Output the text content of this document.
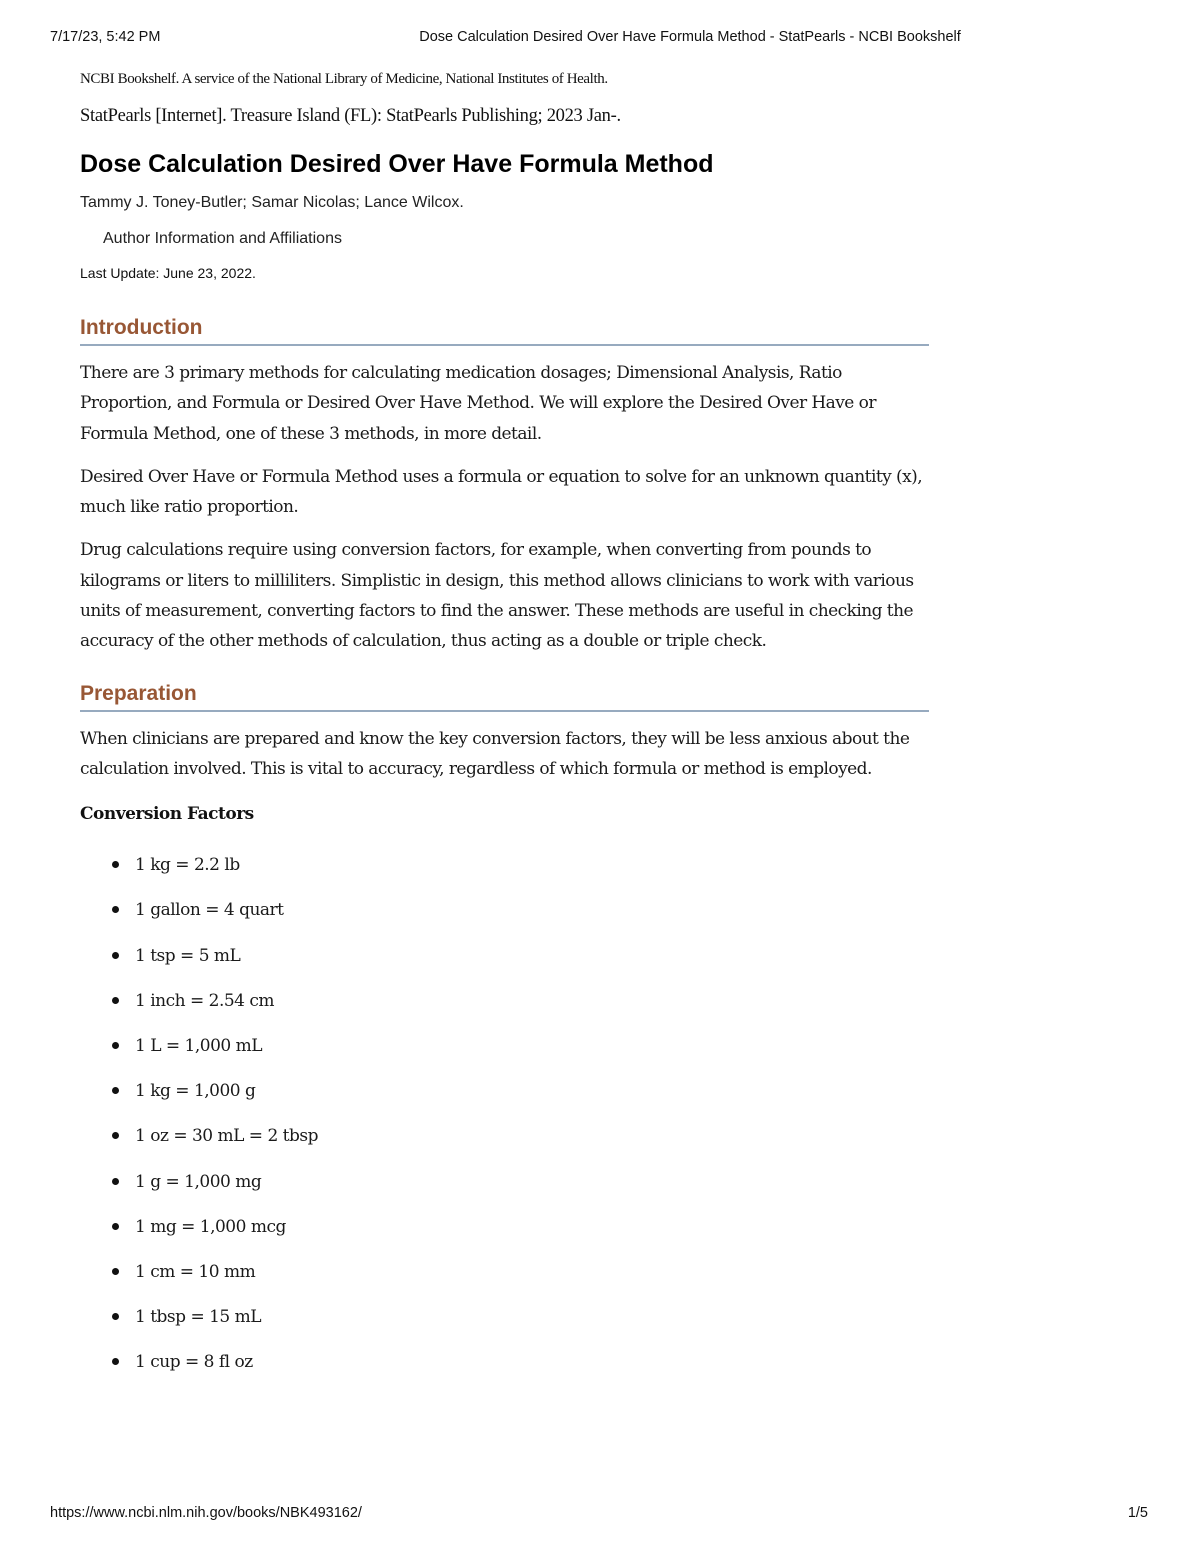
7/17/23, 5:42 PM	Dose Calculation Desired Over Have Formula Method - StatPearls - NCBI Bookshelf

NCBI Bookshelf. A service of the National Library of Medicine, National Institutes of Health.

StatPearls [Internet]. Treasure Island (FL): StatPearls Publishing; 2023 Jan-.

Dose Calculation Desired Over Have Formula Method

Tammy J. Toney-Butler; Samar Nicolas; Lance Wilcox.

Author Information and Affiliations

Last Update: June 23, 2022.

Introduction

There are 3 primary methods for calculating medication dosages; Dimensional Analysis, Ratio Proportion, and Formula or Desired Over Have Method. We will explore the Desired Over Have or Formula Method, one of these 3 methods, in more detail.

Desired Over Have or Formula Method uses a formula or equation to solve for an unknown quantity (x), much like ratio proportion.

Drug calculations require using conversion factors, for example, when converting from pounds to kilograms or liters to milliliters. Simplistic in design, this method allows clinicians to work with various units of measurement, converting factors to find the answer. These methods are useful in checking the accuracy of the other methods of calculation, thus acting as a double or triple check.

Preparation

When clinicians are prepared and know the key conversion factors, they will be less anxious about the calculation involved. This is vital to accuracy, regardless of which formula or method is employed.

Conversion Factors

1 kg = 2.2 lb
1 gallon = 4 quart
1 tsp = 5 mL
1 inch = 2.54 cm
1 L = 1,000 mL
1 kg = 1,000 g
1 oz = 30 mL = 2 tbsp
1 g = 1,000 mg
1 mg = 1,000 mcg
1 cm = 10 mm
1 tbsp = 15 mL
1 cup = 8 fl oz
https://www.ncbi.nlm.nih.gov/books/NBK493162/	1/5
